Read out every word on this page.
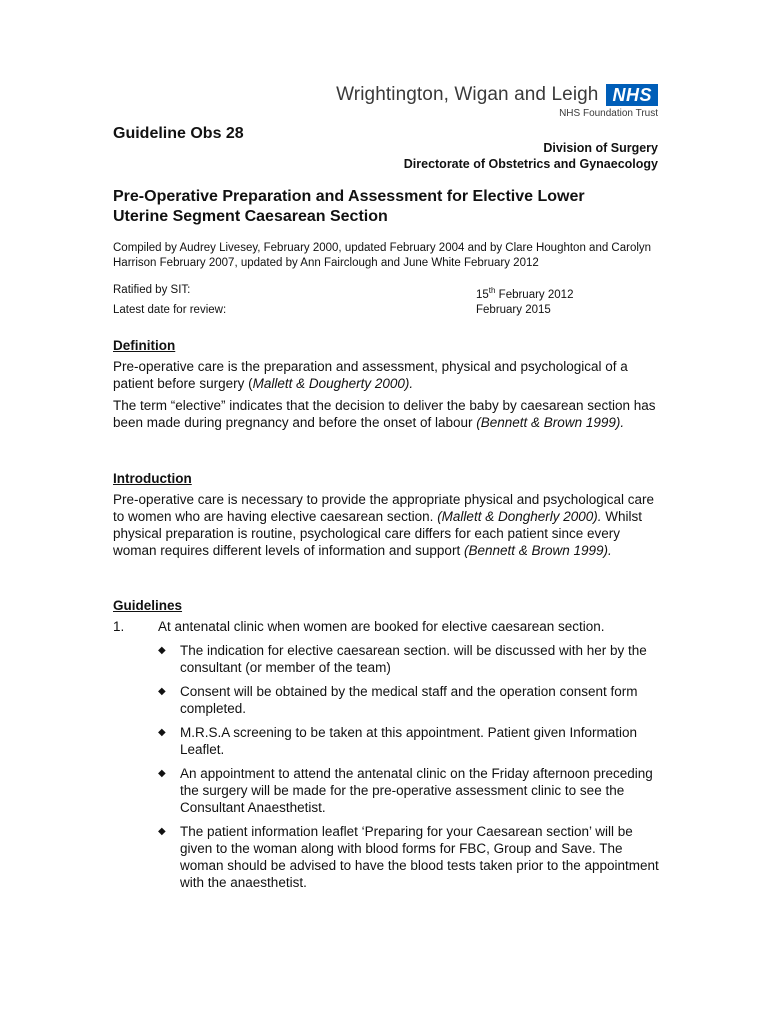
Wrightington, Wigan and Leigh NHS
NHS Foundation Trust
Guideline Obs 28
Division of Surgery
Directorate of Obstetrics and Gynaecology
Pre-Operative Preparation and Assessment for Elective Lower
Uterine Segment Caesarean Section
Compiled by Audrey Livesey, February 2000, updated February 2004 and by Clare Houghton and Carolyn Harrison February 2007, updated by Ann Fairclough and June White February 2012
Ratified by SIT:	15th February 2012
Latest date for review:	February 2015
Definition

Pre-operative care is the preparation and assessment, physical and psychological of a patient before surgery (Mallett & Dougherty 2000).

The term “elective” indicates that the decision to deliver the baby by caesarean section has been made during pregnancy and before the onset of labour (Bennett & Brown 1999).

Introduction

Pre-operative care is necessary to provide the appropriate physical and psychological care to women who are having elective caesarean section. (Mallett & Dongherly 2000). Whilst physical preparation is routine, psychological care differs for each patient since every woman requires different levels of information and support (Bennett & Brown 1999).

Guidelines
1.	At antenatal clinic when women are booked for elective caesarean section.
◆	The indication for elective caesarean section. will be discussed with her by the consultant (or member of the team)
◆	Consent will be obtained by the medical staff and the operation consent form completed.
◆	M.R.S.A screening to be taken at this appointment. Patient given Information Leaflet.
◆	An appointment to attend the antenatal clinic on the Friday afternoon preceding the surgery will be made for the pre-operative assessment clinic to see the Consultant Anaesthetist.
◆	The patient information leaflet ‘Preparing for your Caesarean section’ will be given to the woman along with blood forms for FBC, Group and Save. The woman should be advised to have the blood tests taken prior to the appointment with the anaesthetist.
